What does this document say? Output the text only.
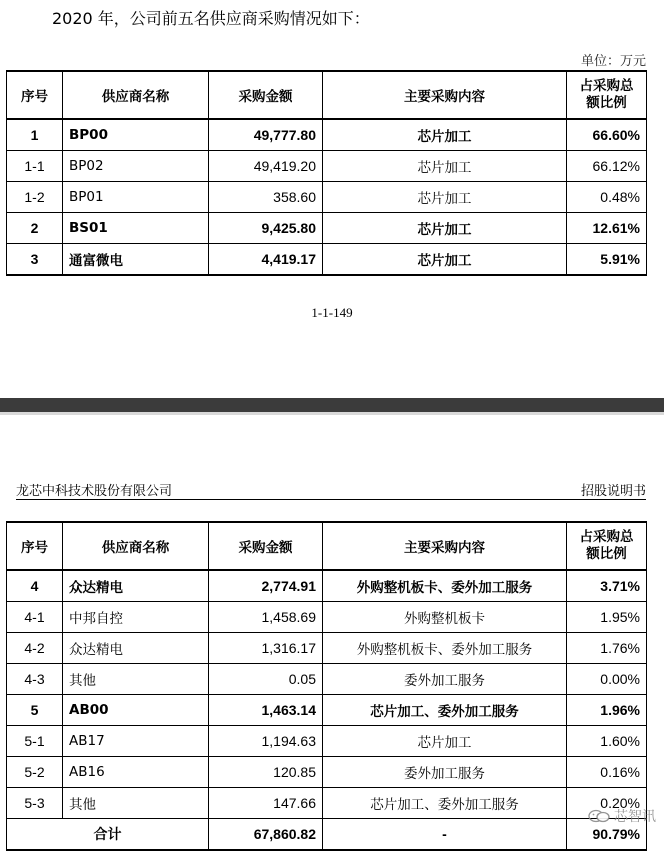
2020 年，公司前五名供应商采购情况如下：
单位：万元
序号	供应商名称	采购金额	主要采购内容	占采购总额比例
1	BP00	49,777.80	芯片加工	66.60%
1-1	BP02	49,419.20	芯片加工	66.12%
1-2	BP01	358.60	芯片加工	0.48%
2	BS01	9,425.80	芯片加工	12.61%
3	通富微电	4,419.17	芯片加工	5.91%
1-1-149
龙芯中科技术股份有限公司	招股说明书
序号	供应商名称	采购金额	主要采购内容	占采购总额比例
4	众达精电	2,774.91	外购整机板卡、委外加工服务	3.71%
4-1	中邦自控	1,458.69	外购整机板卡	1.95%
4-2	众达精电	1,316.17	外购整机板卡、委外加工服务	1.76%
4-3	其他	0.05	委外加工服务	0.00%
5	AB00	1,463.14	芯片加工、委外加工服务	1.96%
5-1	AB17	1,194.63	芯片加工	1.60%
5-2	AB16	120.85	委外加工服务	0.16%
5-3	其他	147.66	芯片加工、委外加工服务	0.20%
合计		67,860.82	-	90.79%
芯智讯
